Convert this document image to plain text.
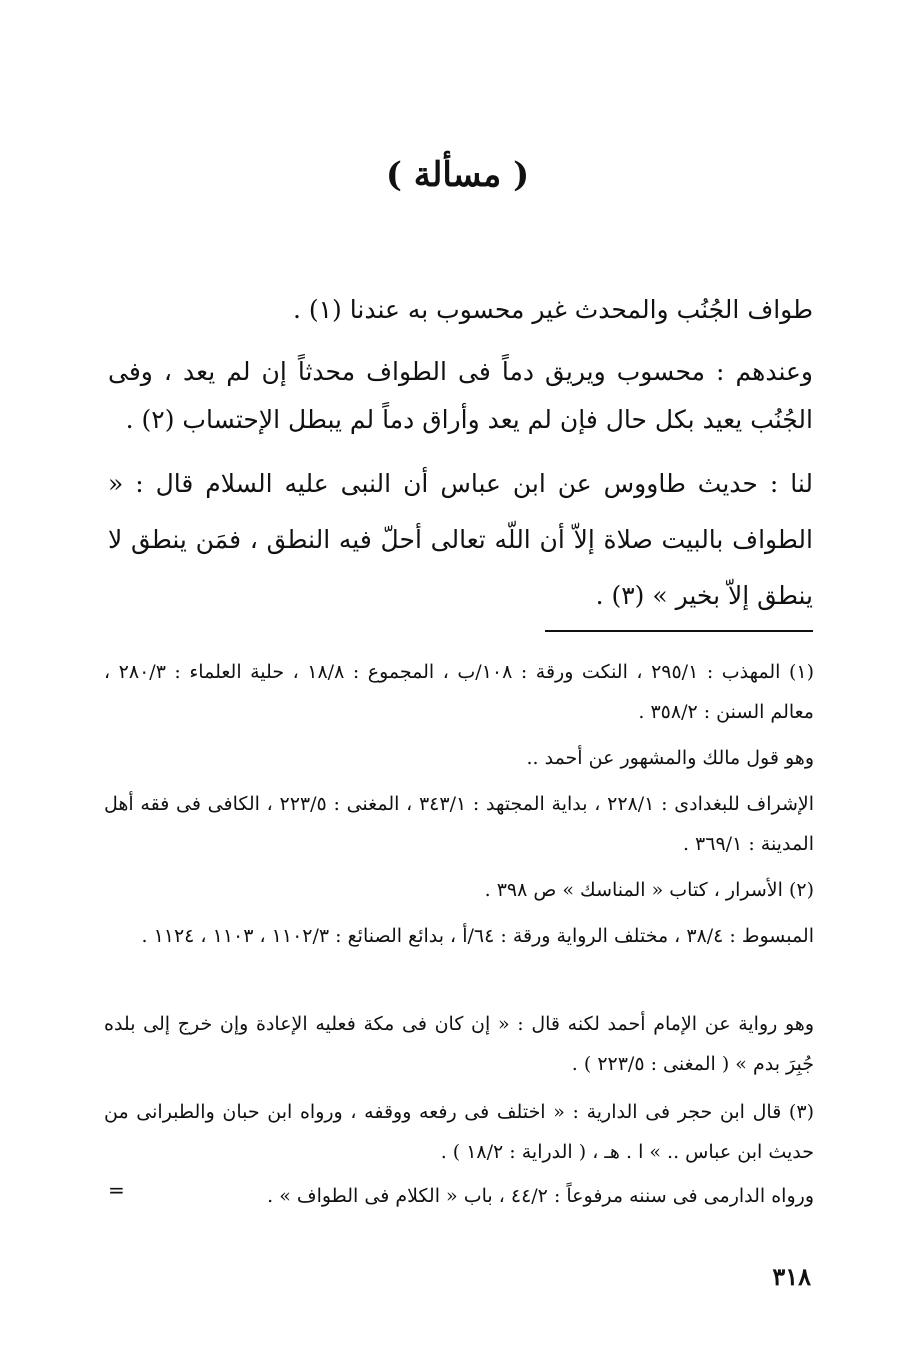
( مسألة )

طواف الجُنُب والمحدث غير محسوب به عندنا (١) .

وعندهم : محسوب ويريق دماً فى الطواف محدثاً إن لم يعد ، وفى الجُنُب يعيد بكل حال فإن لم يعد وأراق دماً لم يبطل الإحتساب (٢) .

لنا : حديث طاووس عن ابن عباس أن النبى عليه السلام قال : « الطواف بالبيت صلاة إلاّ أن اللّه تعالى أحلّ فيه النطق ، فمَن ينطق لا ينطق إلاّ بخير » (٣) .

(١) المهذب : ٢٩٥/١ ، النكت ورقة : ١٠٨/ب ، المجموع : ١٨/٨ ، حلية العلماء : ٢٨٠/٣ ، معالم السنن : ٣٥٨/٢ .

وهو قول مالك والمشهور عن أحمد ..

الإشراف للبغدادى : ٢٢٨/١ ، بداية المجتهد : ٣٤٣/١ ، المغنى : ٢٢٣/٥ ، الكافى فى فقه أهل المدينة : ٣٦٩/١ .

(٢) الأسرار ، كتاب « المناسك » ص ٣٩٨ .

المبسوط : ٣٨/٤ ، مختلف الرواية ورقة : ٦٤/أ ، بدائع الصنائع : ١١٠٢/٣ ، ١١٠٣ ، ١١٢٤ .

وهو رواية عن الإمام أحمد لكنه قال : « إن كان فى مكة فعليه الإعادة وإن خرج إلى بلده جُبِرَ بدم » ( المغنى : ٢٢٣/٥ ) .

(٣) قال ابن حجر فى الدارية : « اختلف فى رفعه ووقفه ، ورواه ابن حبان والطبرانى من حديث ابن عباس .. » ا . هـ ، ( الدراية : ١٨/٢ ) .

ورواه الدارمى فى سننه مرفوعاً : ٤٤/٢ ، باب « الكلام فى الطواف » .

=
٣١٨
